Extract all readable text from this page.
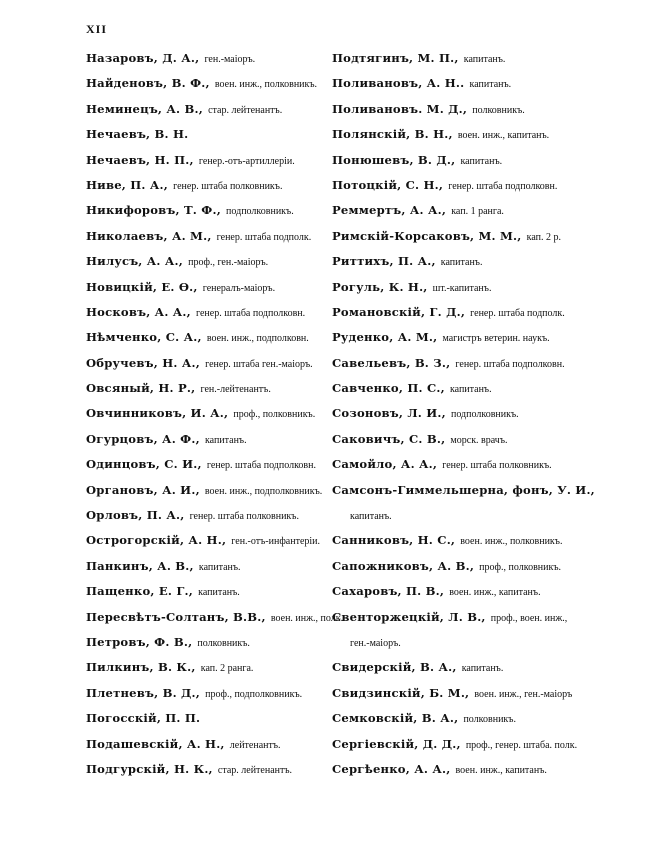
XII
Назаровъ, Д. А., ген.-маiоръ.
Найденовъ, В. Ф., воен. инж., полковникъ.
Неминецъ, А. В., стар. лейтенантъ.
Нечаевъ, В. Н.
Нечаевъ, Н. П., генер.-отъ-артиллерiи.
Ниве, П. А., генер. штаба полковникъ.
Никифоровъ, Т. Ф., подполковникъ.
Николаевъ, А. М., генер. штаба подполк.
Нилусъ, А. А., проф., ген.-маiоръ.
Новицкiй, Е. Ѳ., генералъ-маiоръ.
Носковъ, А. А., генер. штаба подполковн.
Нѣмченко, С. А., воен. инж., подполковн.
Обручевъ, Н. А., генер. штаба ген.-маiоръ.
Овсяный, Н. Р., ген.-лейтенантъ.
Овчинниковъ, И. А., проф., полковникъ.
Огурцовъ, А. Ф., капитанъ.
Одинцовъ, С. И., генер. штаба подполковн.
Органовъ, А. И., воен. инж., подполковникъ.
Орловъ, П. А., генер. штаба полковникъ.
Острогорскiй, А. Н., ген.-отъ-инфантерiи.
Панкинъ, А. В., капитанъ.
Пащенко, Е. Г., капитанъ.
Пересвѣтъ-Солтанъ, В.В., воен. инж., полк.
Петровъ, Ф. В., полковникъ.
Пилкинъ, В. К., кап. 2 ранга.
Плетневъ, В. Д., проф., подполковникъ.
Погосскiй, П. П.
Подашевскiй, А. Н., лейтенантъ.
Подгурскiй, Н. К., стар. лейтенантъ.
Подтягинъ, М. П., капитанъ.
Поливановъ, А. Н.. капитанъ.
Поливановъ. М. Д., полковникъ.
Полянскiй, В. Н., воен. инж., капитанъ.
Понюшевъ, В. Д., капитанъ.
Потоцкiй, С. Н., генер. штаба подполковн.
Реммертъ, А. А., кап. 1 ранга.
Римскiй-Корсаковъ, М. М., кап. 2 р.
Риттихъ, П. А., капитанъ.
Рогуль, К. Н., шт.-капитанъ.
Романовскiй, Г. Д., генер. штаба подполк.
Руденко, А. М., магистръ ветерин. наукъ.
Савельевъ, В. З., генер. штаба подполковн.
Савченко, П. С., капитанъ.
Созоновъ, Л. И., подполковникъ.
Саковичъ, С. В., морск. врачъ.
Самойло, А. А., генер. штаба полковникъ.
Самсонъ-Гиммельшерна, фонъ, У. И.,
капитанъ.
Санниковъ, Н. С., воен. инж., полковникъ.
Сапожниковъ, А. В., проф., полковникъ.
Сахаровъ, П. В., воен. инж., капитанъ.
Свенторжецкiй, Л. В., проф., воен. инж.,
ген.-маiоръ.
Свидерскiй, В. А., капитанъ.
Свидзинскiй, Б. М., воен. инж., ген.-маiоръ
Семковскiй, В. А., полковникъ.
Сергiевскiй, Д. Д., проф., генер. штаба. полк.
Сергѣенко, А. А., воен. инж., капитанъ.
